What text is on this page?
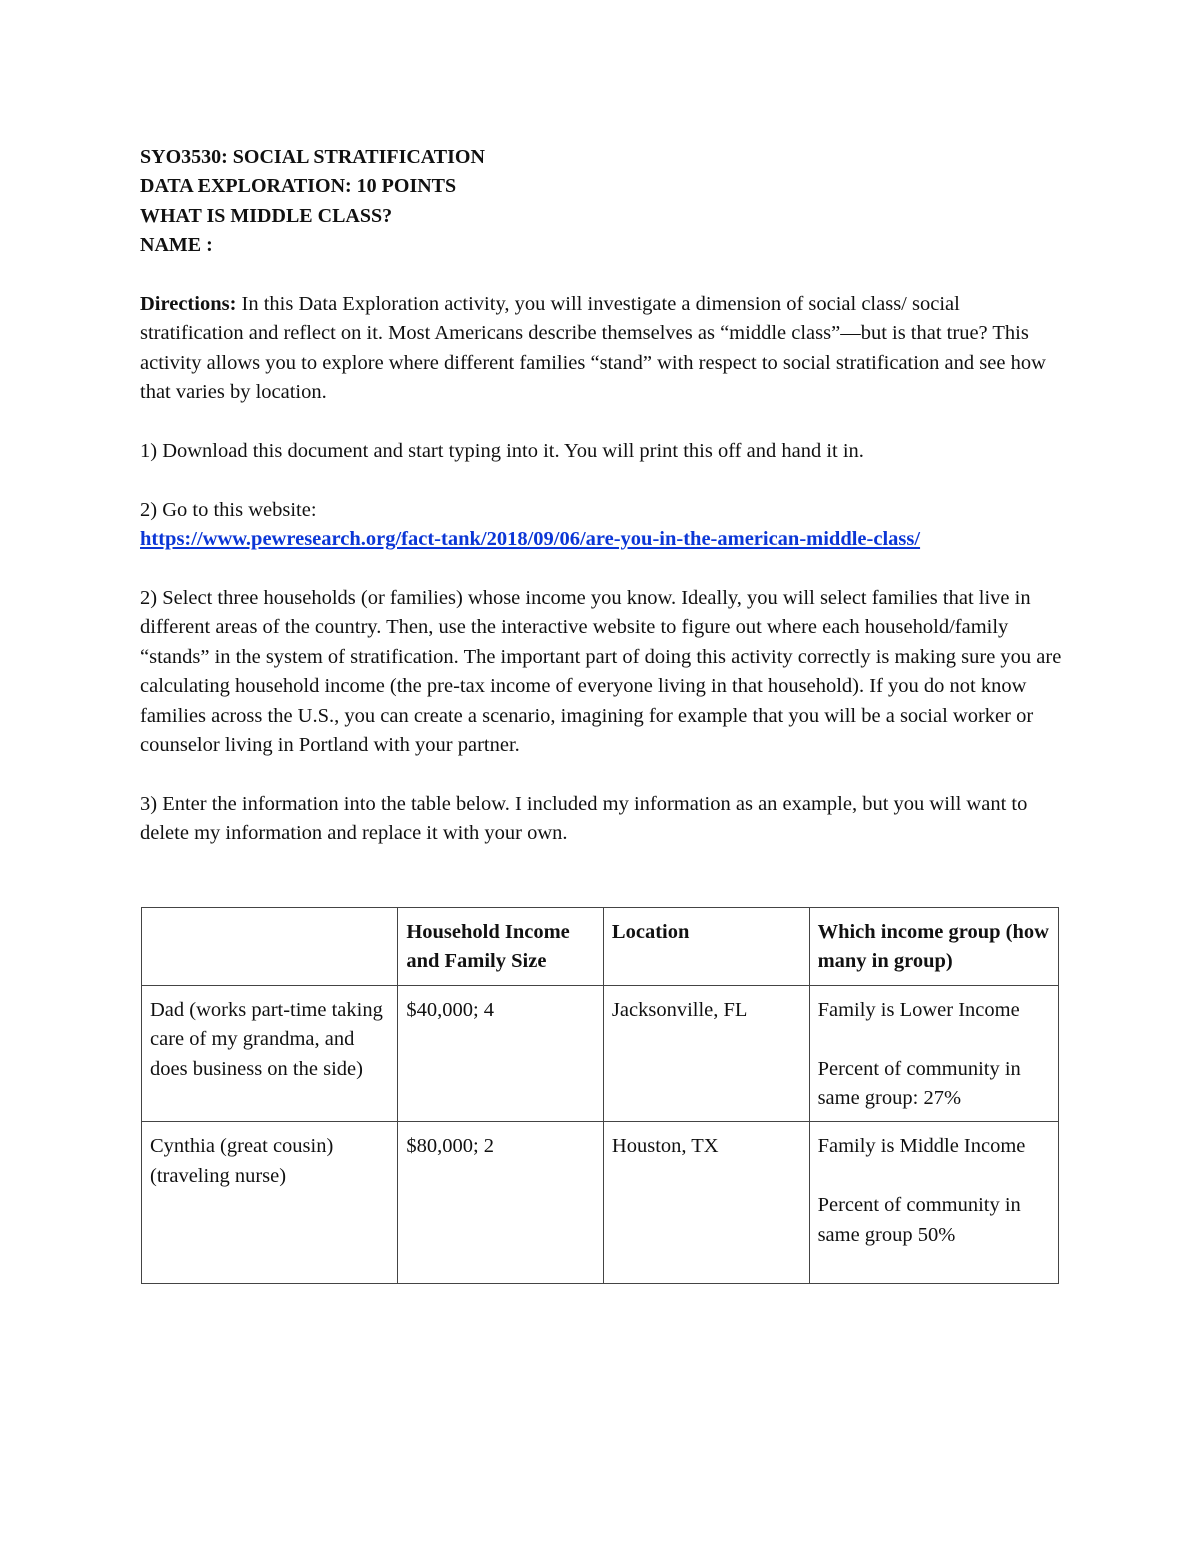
SYO3530: SOCIAL STRATIFICATION
DATA EXPLORATION: 10 POINTS
WHAT IS MIDDLE CLASS?
NAME :
Directions: In this Data Exploration activity, you will investigate a dimension of social class/ social stratification and reflect on it. Most Americans describe themselves as “middle class”—but is that true? This activity allows you to explore where different families “stand” with respect to social stratification and see how that varies by location.
1) Download this document and start typing into it. You will print this off and hand it in.
2) Go to this website:
https://www.pewresearch.org/fact-tank/2018/09/06/are-you-in-the-american-middle-class/
2) Select three households (or families) whose income you know. Ideally, you will select families that live in different areas of the country. Then, use the interactive website to figure out where each household/family “stands” in the system of stratification. The important part of doing this activity correctly is making sure you are calculating household income (the pre-tax income of everyone living in that household). If you do not know families across the U.S., you can create a scenario, imagining for example that you will be a social worker or counselor living in Portland with your partner.
3) Enter the information into the table below. I included my information as an example, but you will want to delete my information and replace it with your own.
	Household Income and Family Size	Location	Which income group (how many in group)
Dad (works part-time taking care of my grandma, and does business on the side)	$40,000; 4	Jacksonville, FL	Family is Lower Income
Percent of community in same group: 27%
Cynthia (great cousin) (traveling nurse)	$80,000; 2	Houston, TX	Family is Middle Income
Percent of community in same group 50%
